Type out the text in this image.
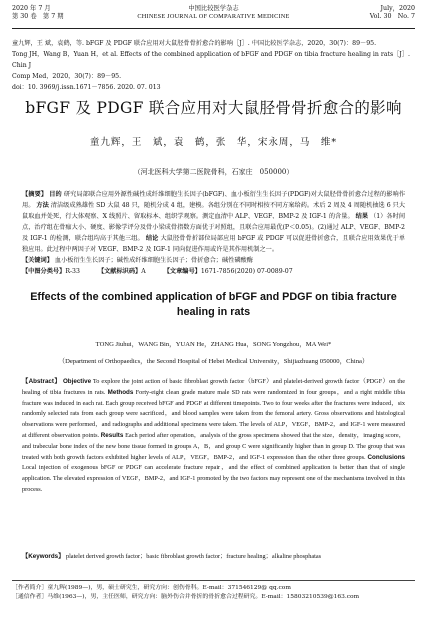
2020 年 7 月
第 30 卷　第 7 期
中国比较医学杂志
CHINESE JOURNAL OF COMPARATIVE MEDICINE
July，2020
Vol. 30　No. 7
童九辉，王 斌，袁鹤，等. bFGF 及 PDGF 联合应用对大鼠胫骨骨折愈合的影响［J］. 中国比较医学杂志，2020，30(7)：89－95.
Tong JH，Wang B，Yuan H，et al. Effects of the combined application of bFGF and PDGF on tibia fracture healing in rats［J］. Chin J
Comp Med，2020，30(7)：89－95.
doi：10. 3969/j.issn.1671－7856. 2020. 07. 013
bFGF 及 PDGF 联合应用对大鼠胫骨骨折愈合的影响
童九辉，王　斌，袁　鹤，张　华，宋永周，马　维*
（河北医科大学第二医院骨科，石家庄　050000）
【摘要】 目的 研究局部联合应用外源性碱性成纤维细胞生长因子(bFGF)、血小板衍生生长因子(PDGF)对大鼠胫骨骨折愈合过程的影响作用。 方法 清洁级成熟雄性 SD 大鼠 48 只，随机分成 4 组，建模。各组分别在不同时相按不同方案给药。术后 2 周及 4 周随机抽选 6 只大鼠取血并处死，行大体观察、X 线照片、留取标本、组织学观察。测定血清中 ALP、VEGF、BMP-2 及 IGF-1 的含量。 结果 （1）各时间点，治疗组在骨痂大小、硬度、影像学评分及骨小梁成骨指数方面优于对照组，且联合应用最优(P＜0.05)。(2)通过 ALP、VEGF、BMP-2 及 IGF-1 的检测，联合组均高于其他三组。 结论 大鼠胫骨骨折部位局部应用 bFGF 或 PDGF 可以促进骨折愈合，且联合应用效果优于单独应用。此过程中两因子对 VEGF、BMP-2 及 IGF-1 同向促进作用或许是其作用机制之一。
【关键词】 血小板衍生生长因子；碱性成纤维细胞生长因子；骨折愈合；碱性磷酸酶
【中图分类号】R-33	【文献标识码】A	【文章编号】1671-7856(2020) 07-0089-07
Effects of the combined application of bFGF and PDGF on tibia fracture healing in rats
TONG Jiuhui，WANG Bin，YUAN He，ZHANG Hua，SONG Yongzhou，MA Wei*
（Department of Orthopaedics，the Second Hospital of Hebei Medical University，Shijiazhuang 050000，China）
【Abstract】 Objective To explore the joint action of basic fibroblast growth factor（bFGF）and platelet-derived growth factor（PDGF）on the healing of tibia fractures in rats. Methods Forty-eight clean grade mature male SD rats were randomized in four groups，and a right middle tibia fracture was induced in each rat. Each group received bFGF and PDGF at different timepoints. Two to four weeks after the fractures were induced，six randomly selected rats from each group were sacrificed，and blood samples were taken from the femoral artery. Gross observations and histological observations were performed，and radiographs and additional specimens were taken. The levels of ALP，VEGF，BMP-2，and IGF-1 were measured at different observation points. Results Each period after operation，analysis of the gross specimens showed that the size，density，imaging score，and trabecular bone index of the new bone tissue formed in groups A，B，and group C were significantly higher than in group D. The group that was treated with both growth factors exhibited higher levels of ALP，VEGF，BMP-2，and IGF-1 expression than the other three groups. Conclusions Local injection of exogenous bFGF or PDGF can accelerate fracture repair，and the effect of combined application is better than that of single application. The elevated expression of VEGF，BMP-2，and IGF-1 promoted by the two factors may represent one of the mechanisms involved in this process.
【Keywords】 platelet derived growth factor；basic fibroblast growth factor；fracture healing；alkaline phosphatas
［作者简介］童九辉(1989—)，男，硕士研究生，研究方向：创伤骨科。E-mail：371546129@ qq.com
［通信作者］马维(1963—)，男，主任医师，研究方向：脑外伤合并骨折的骨折愈合过程研究。E-mail：15803210539@163.com
